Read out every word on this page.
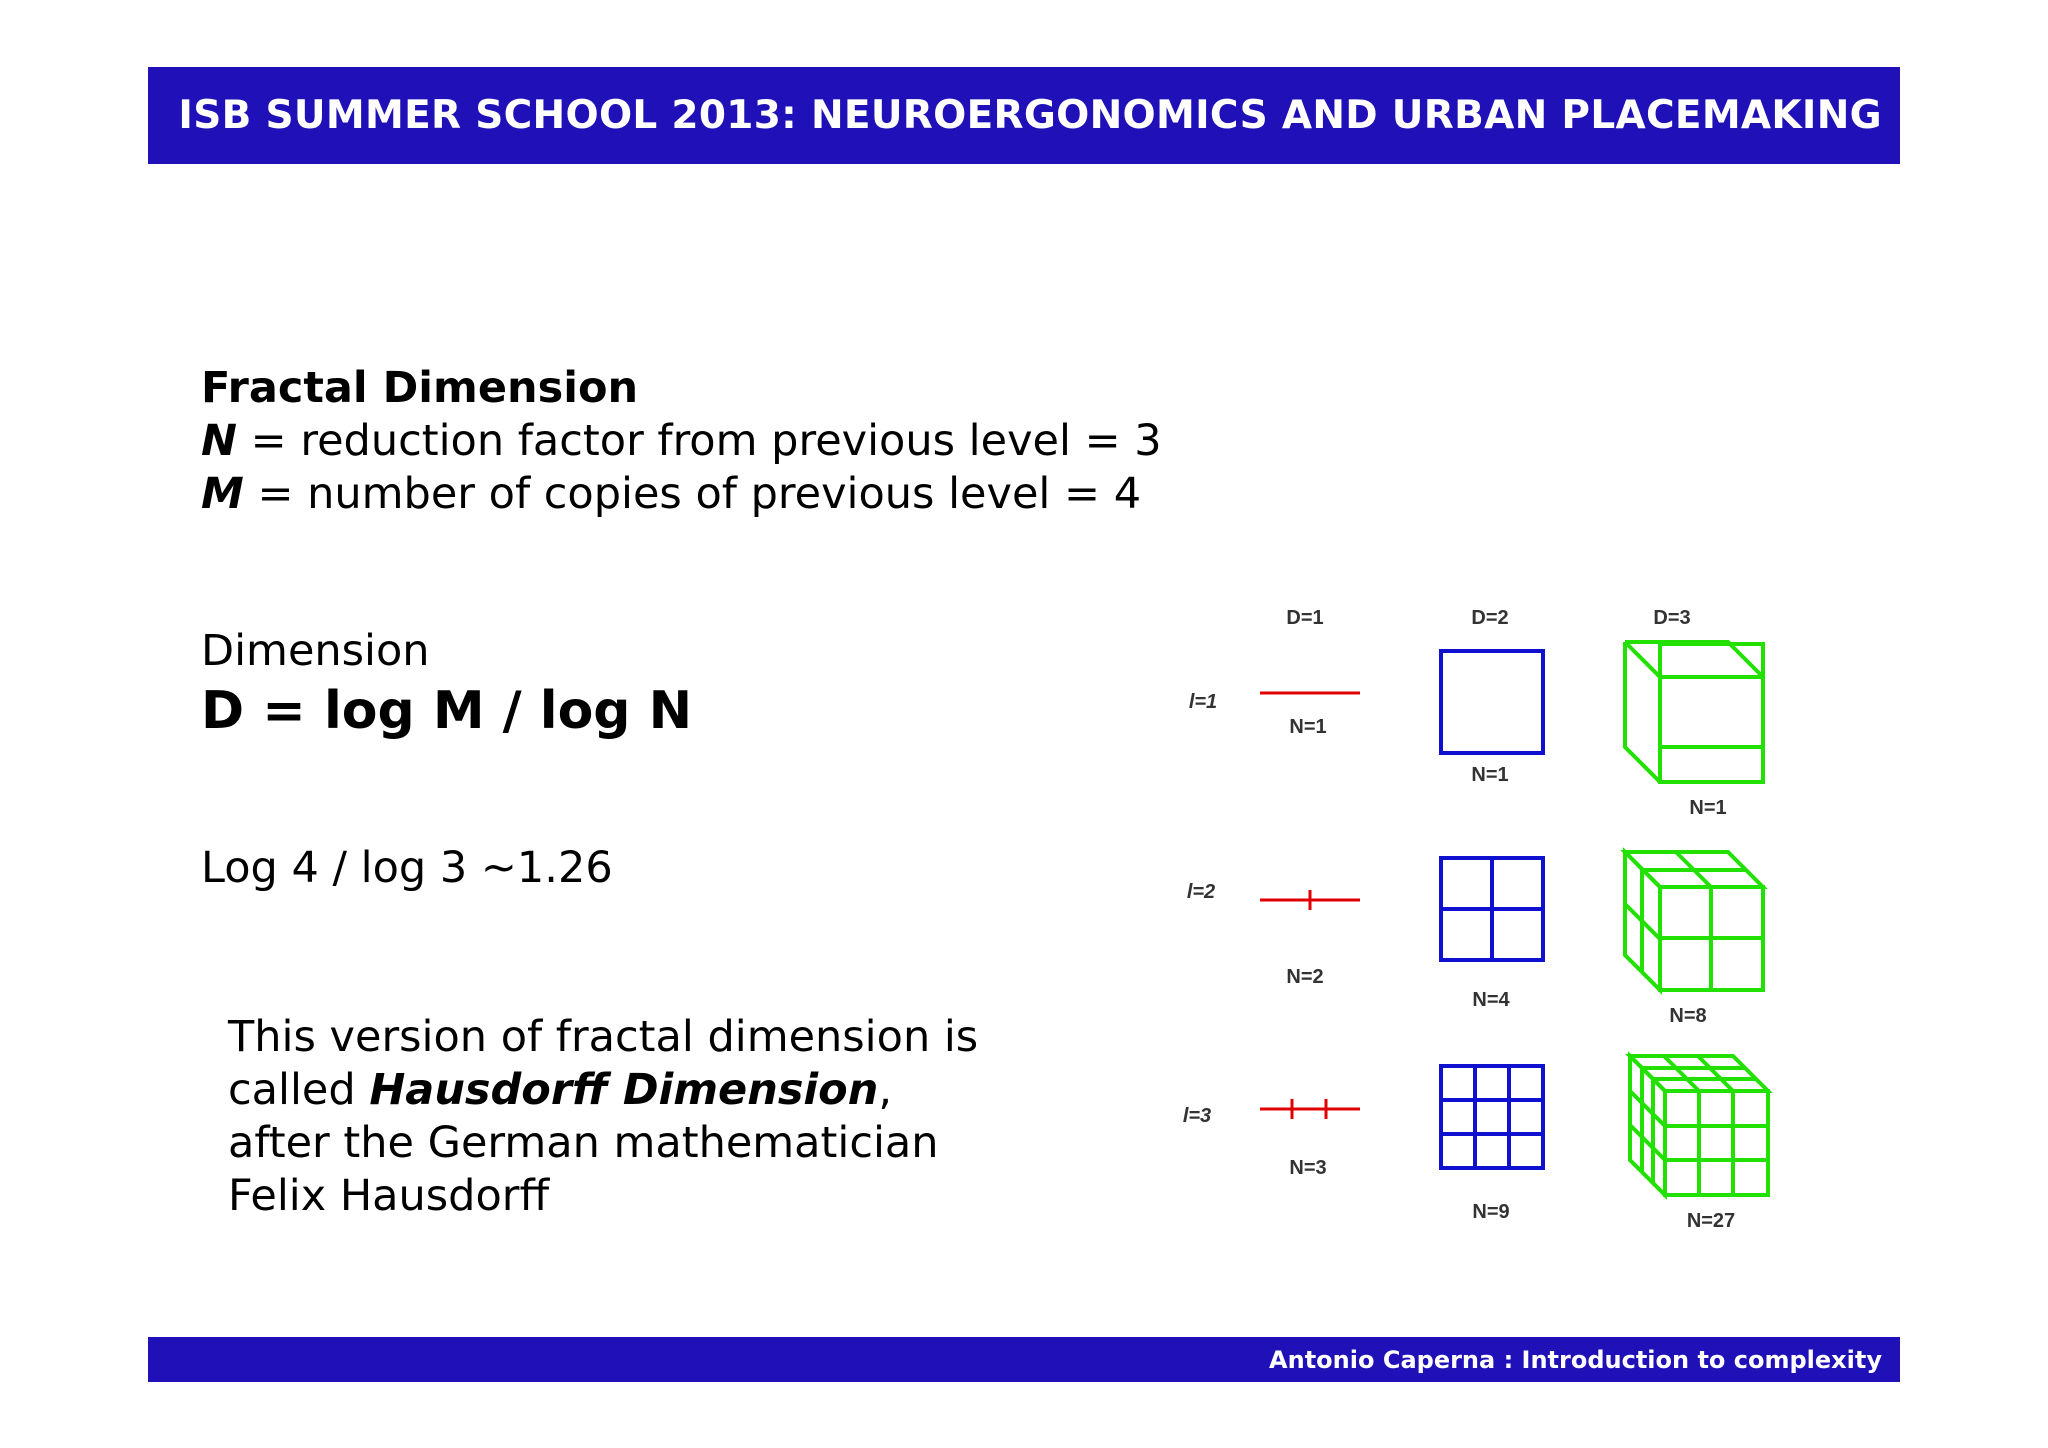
ISB SUMMER SCHOOL 2013: NEUROERGONOMICS AND URBAN PLACEMAKING
Fractal Dimension
N = reduction factor from previous level = 3
M = number of copies of previous level = 4
Dimension
D = log M / log N
Log 4 / log 3 ~1.26
This version of fractal dimension is
called Hausdorff Dimension,
after the German mathematician
Felix Hausdorff
D=1	D=2	D=3
l=1
l=2
l=3
N=1
N=2
N=3
N=1
N=4
N=9
N=1
N=8
N=27
Antonio Caperna : Introduction to complexity
